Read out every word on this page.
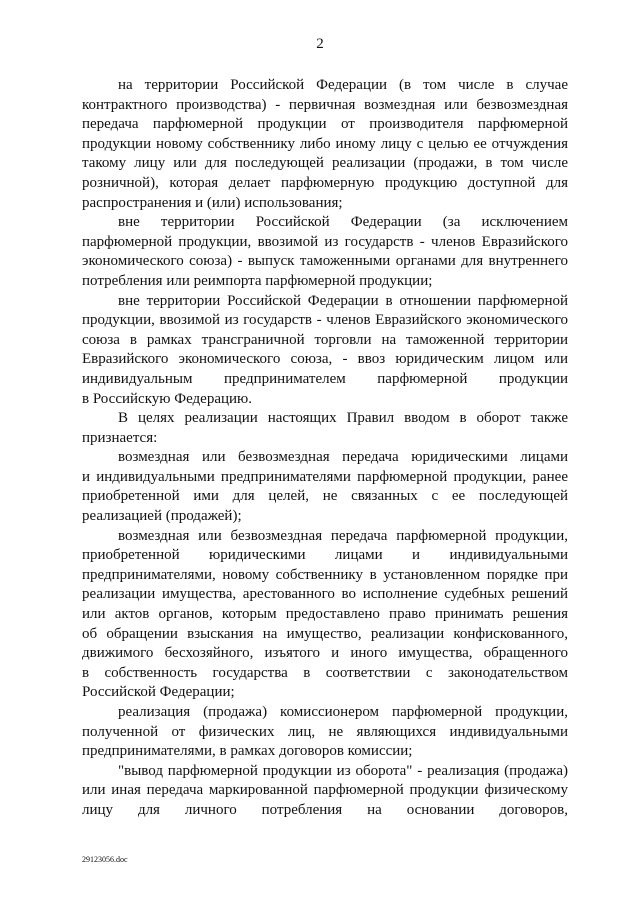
2
на территории Российской Федерации (в том числе в случае
контрактного производства) - первичная возмездная или безвозмездная
передача парфюмерной продукции от производителя парфюмерной
продукции новому собственнику либо иному лицу с целью ее отчуждения
такому лицу или для последующей реализации (продажи, в том числе
розничной), которая делает парфюмерную продукцию доступной для
распространения и (или) использования;
вне территории Российской Федерации (за исключением
парфюмерной продукции, ввозимой из государств - членов Евразийского
экономического союза) - выпуск таможенными органами для внутреннего
потребления или реимпорта парфюмерной продукции;
вне территории Российской Федерации в отношении парфюмерной
продукции, ввозимой из государств - членов Евразийского экономического
союза в рамках трансграничной торговли на таможенной территории
Евразийского экономического союза, - ввоз юридическим лицом или
индивидуальным предпринимателем парфюмерной продукции
в Российскую Федерацию.
В целях реализации настоящих Правил вводом в оборот также
признается:
возмездная или безвозмездная передача юридическими лицами
и индивидуальными предпринимателями парфюмерной продукции, ранее
приобретенной ими для целей, не связанных с ее последующей
реализацией (продажей);
возмездная или безвозмездная передача парфюмерной продукции,
приобретенной юридическими лицами и индивидуальными
предпринимателями, новому собственнику в установленном порядке при
реализации имущества, арестованного во исполнение судебных решений
или актов органов, которым предоставлено право принимать решения
об обращении взыскания на имущество, реализации конфискованного,
движимого бесхозяйного, изъятого и иного имущества, обращенного
в собственность государства в соответствии с законодательством
Российской Федерации;
реализация (продажа) комиссионером парфюмерной продукции,
полученной от физических лиц, не являющихся индивидуальными
предпринимателями, в рамках договоров комиссии;
"вывод парфюмерной продукции из оборота" - реализация (продажа)
или иная передача маркированной парфюмерной продукции физическому
лицу для личного потребления на основании договоров,
29123056.doc
